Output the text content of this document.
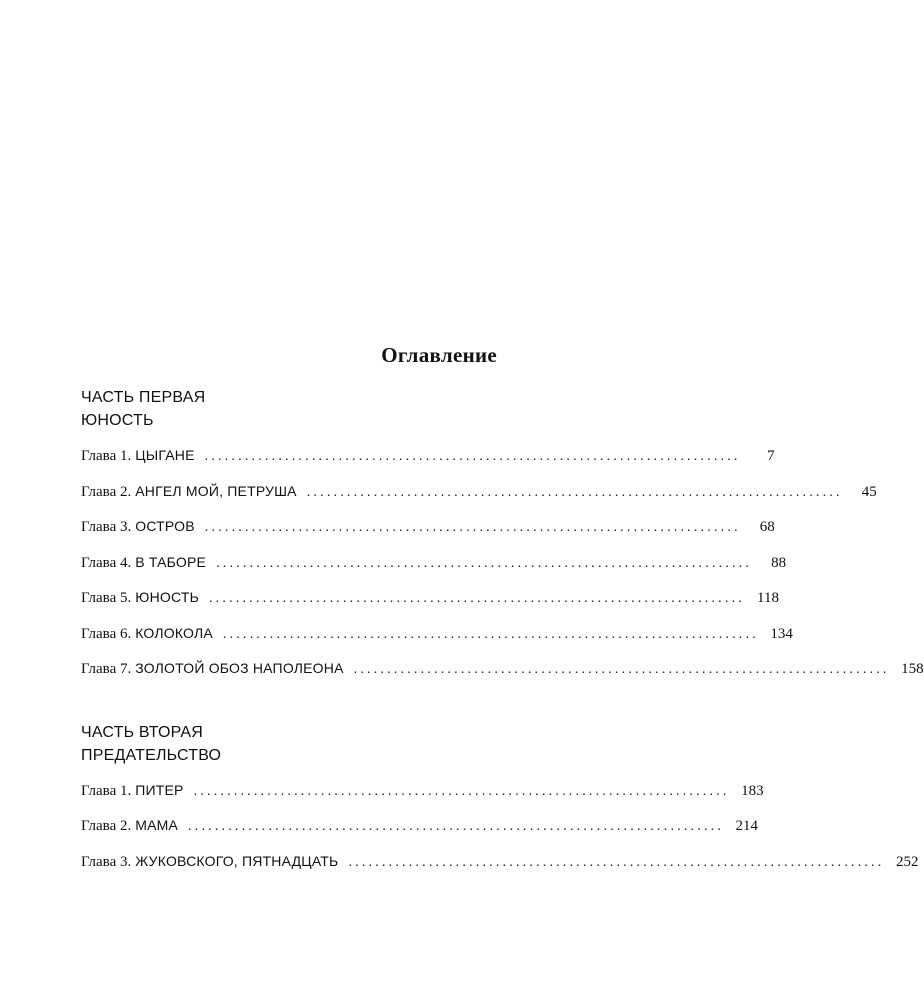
Оглавление
ЧАСТЬ ПЕРВАЯ
ЮНОСТЬ
Глава 1. ЦЫГАНЕ ................................................................................	7
Глава 2. АНГЕЛ МОЙ, ПЕТРУША ................................................................................	45
Глава 3. ОСТРОВ ................................................................................	68
Глава 4. В ТАБОРЕ ................................................................................	88
Глава 5. ЮНОСТЬ ................................................................................ 118
Глава 6. КОЛОКОЛА ................................................................................ 134
Глава 7. ЗОЛОТОЙ ОБОЗ НАПОЛЕОНА ................................................................................ 158
ЧАСТЬ ВТОРАЯ
ПРЕДАТЕЛЬСТВО
Глава 1. ПИТЕР ................................................................................ 183
Глава 2. МАМА ................................................................................ 214
Глава 3. ЖУКОВСКОГО, ПЯТНАДЦАТЬ ................................................................................ 252
